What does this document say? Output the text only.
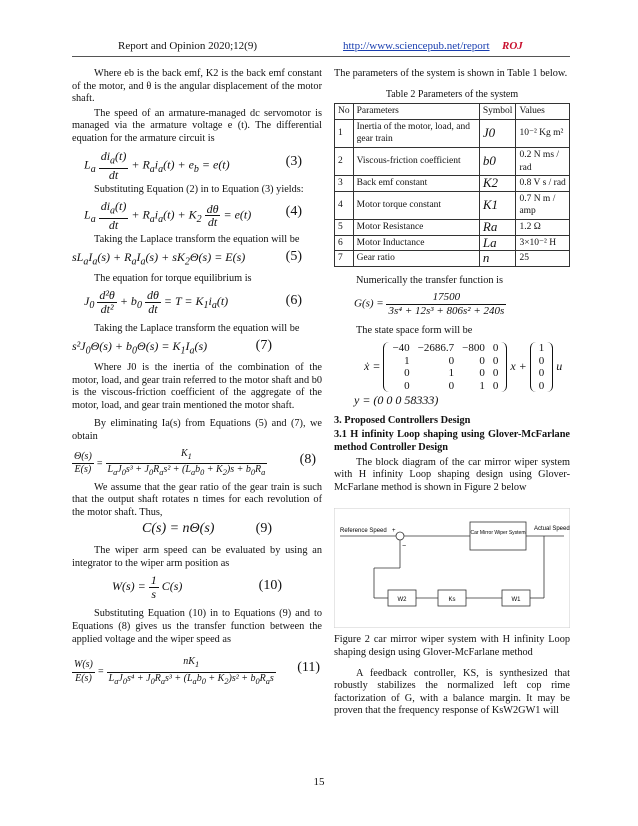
Report and Opinion 2020;12(9)	http://www.sciencepub.net/report ROJ

Where eb is the back emf, K2 is the back emf constant of the motor, and θ is the angular displacement of the motor shaft.

The speed of an armature-managed dc servomotor is managed via the armature voltage e (t). The differential equation for the armature circuit is

$L_a \frac{di_a(t)}{dt} + R_ai_a(t) + e_b = e(t)$	(3)

Substituting Equation (2) in to Equation (3) yields:

$L_a \frac{di_a(t)}{dt} + R_ai_a(t) + K_2 \frac{d\theta}{dt} = e(t)$ (4)

Taking the Laplace transform the equation will be

$sL_aI_a(s) + R_aI_a(s) + sK_2\Theta(s) = E(s)$	(5)

The equation for torque equilibrium is

$J_0 \frac{\text{d²θ}}{\text{dt²}} + b_0 \frac{d\theta}{dt} = T = K_1i_a(t)$	(6)

Taking the Laplace transform the equation will be

$s^2J_0\Theta(s) + b_0\Theta(s) = K_1I_a(s)$	(7)

Where J0 is the inertia of the combination of the motor, load, and gear train referred to the motor shaft and b0 is the viscous-friction coefficient of the aggregate of the motor, load, and gear train mentioned the motor shaft.

By eliminating Ia(s) from Equations (5) and (7), we obtain

$\frac{\Theta(s)}{E(s)} = \frac{K_1}{L_aJ_0s^3 + J_0R_as^2 + (L_ab_0 + K_2)s + b_0R_a} (8)$

We assume that the gear ratio of the gear train is such that the output shaft rotates n times for each revolution of the motor shaft. Thus,

C(s) = nΘ(s)	(9)

The wiper arm speed can be evaluated by using an integrator to the wiper arm position as

$W(s) = \frac{1}{s} C(s)$	(10)

Substituting Equation (10) in to Equations (9) and to Equations (8) gives us the transfer function between the applied voltage and the wiper speed as

$\frac{W(s)}{E(s)} = \frac{nK_1}{L_aJ_0s^4 + J_0R_as^3 + (L_ab_0 + K_2)s^2 + b_0R_as} (11)$

The parameters of the system is shown in Table 1 below.

Table 2 Parameters of the system
No	Parameters	Symbol	Values
1	Inertia of the motor, load, and gear train	J0	10⁻² Kg m²
2	Viscous-friction coefficient	b0	0.2 N ms / rad
3	Back emf constant	K2	0.8 V s / rad
4	Motor torque constant	K1	0.7 N m / amp
5	Motor Resistance	Ra	1.2 Ω
6	Motor Inductance	La	3×10⁻² H
7	Gear ratio	n	25

Numerically the transfer function is

$G(s) = \frac{17500}{\text{3s⁴ + 12s³ + 806s² + 240s}}$

The state space form will be

ẋ =
−40	−2686.7	−800	0
1	0	0	0
0	1	0	0
0	0	1	0
x +
1
0
0
0
u
y = (0 0 0 58333)

3. Proposed Controllers Design

3.1 H infinity Loop shaping using Glover-McFarlane method Controller Design

The block diagram of the car mirror wiper system with H infinity Loop shaping design using Glover-McFarlane method is shown in Figure 2 below

Reference Speed +
−
Car Mirror Wiper System
Actual Speed
W1
Ks
W2

Figure 2 car mirror wiper system with H infinity Loop shaping design using Glover-McFarlane method

A feedback controller, KS, is synthesized that robustly stabilizes the normalized left cop rime factorization of G, with a balance margin. It may be proven that the frequency response of KsW2GW1 will

15
